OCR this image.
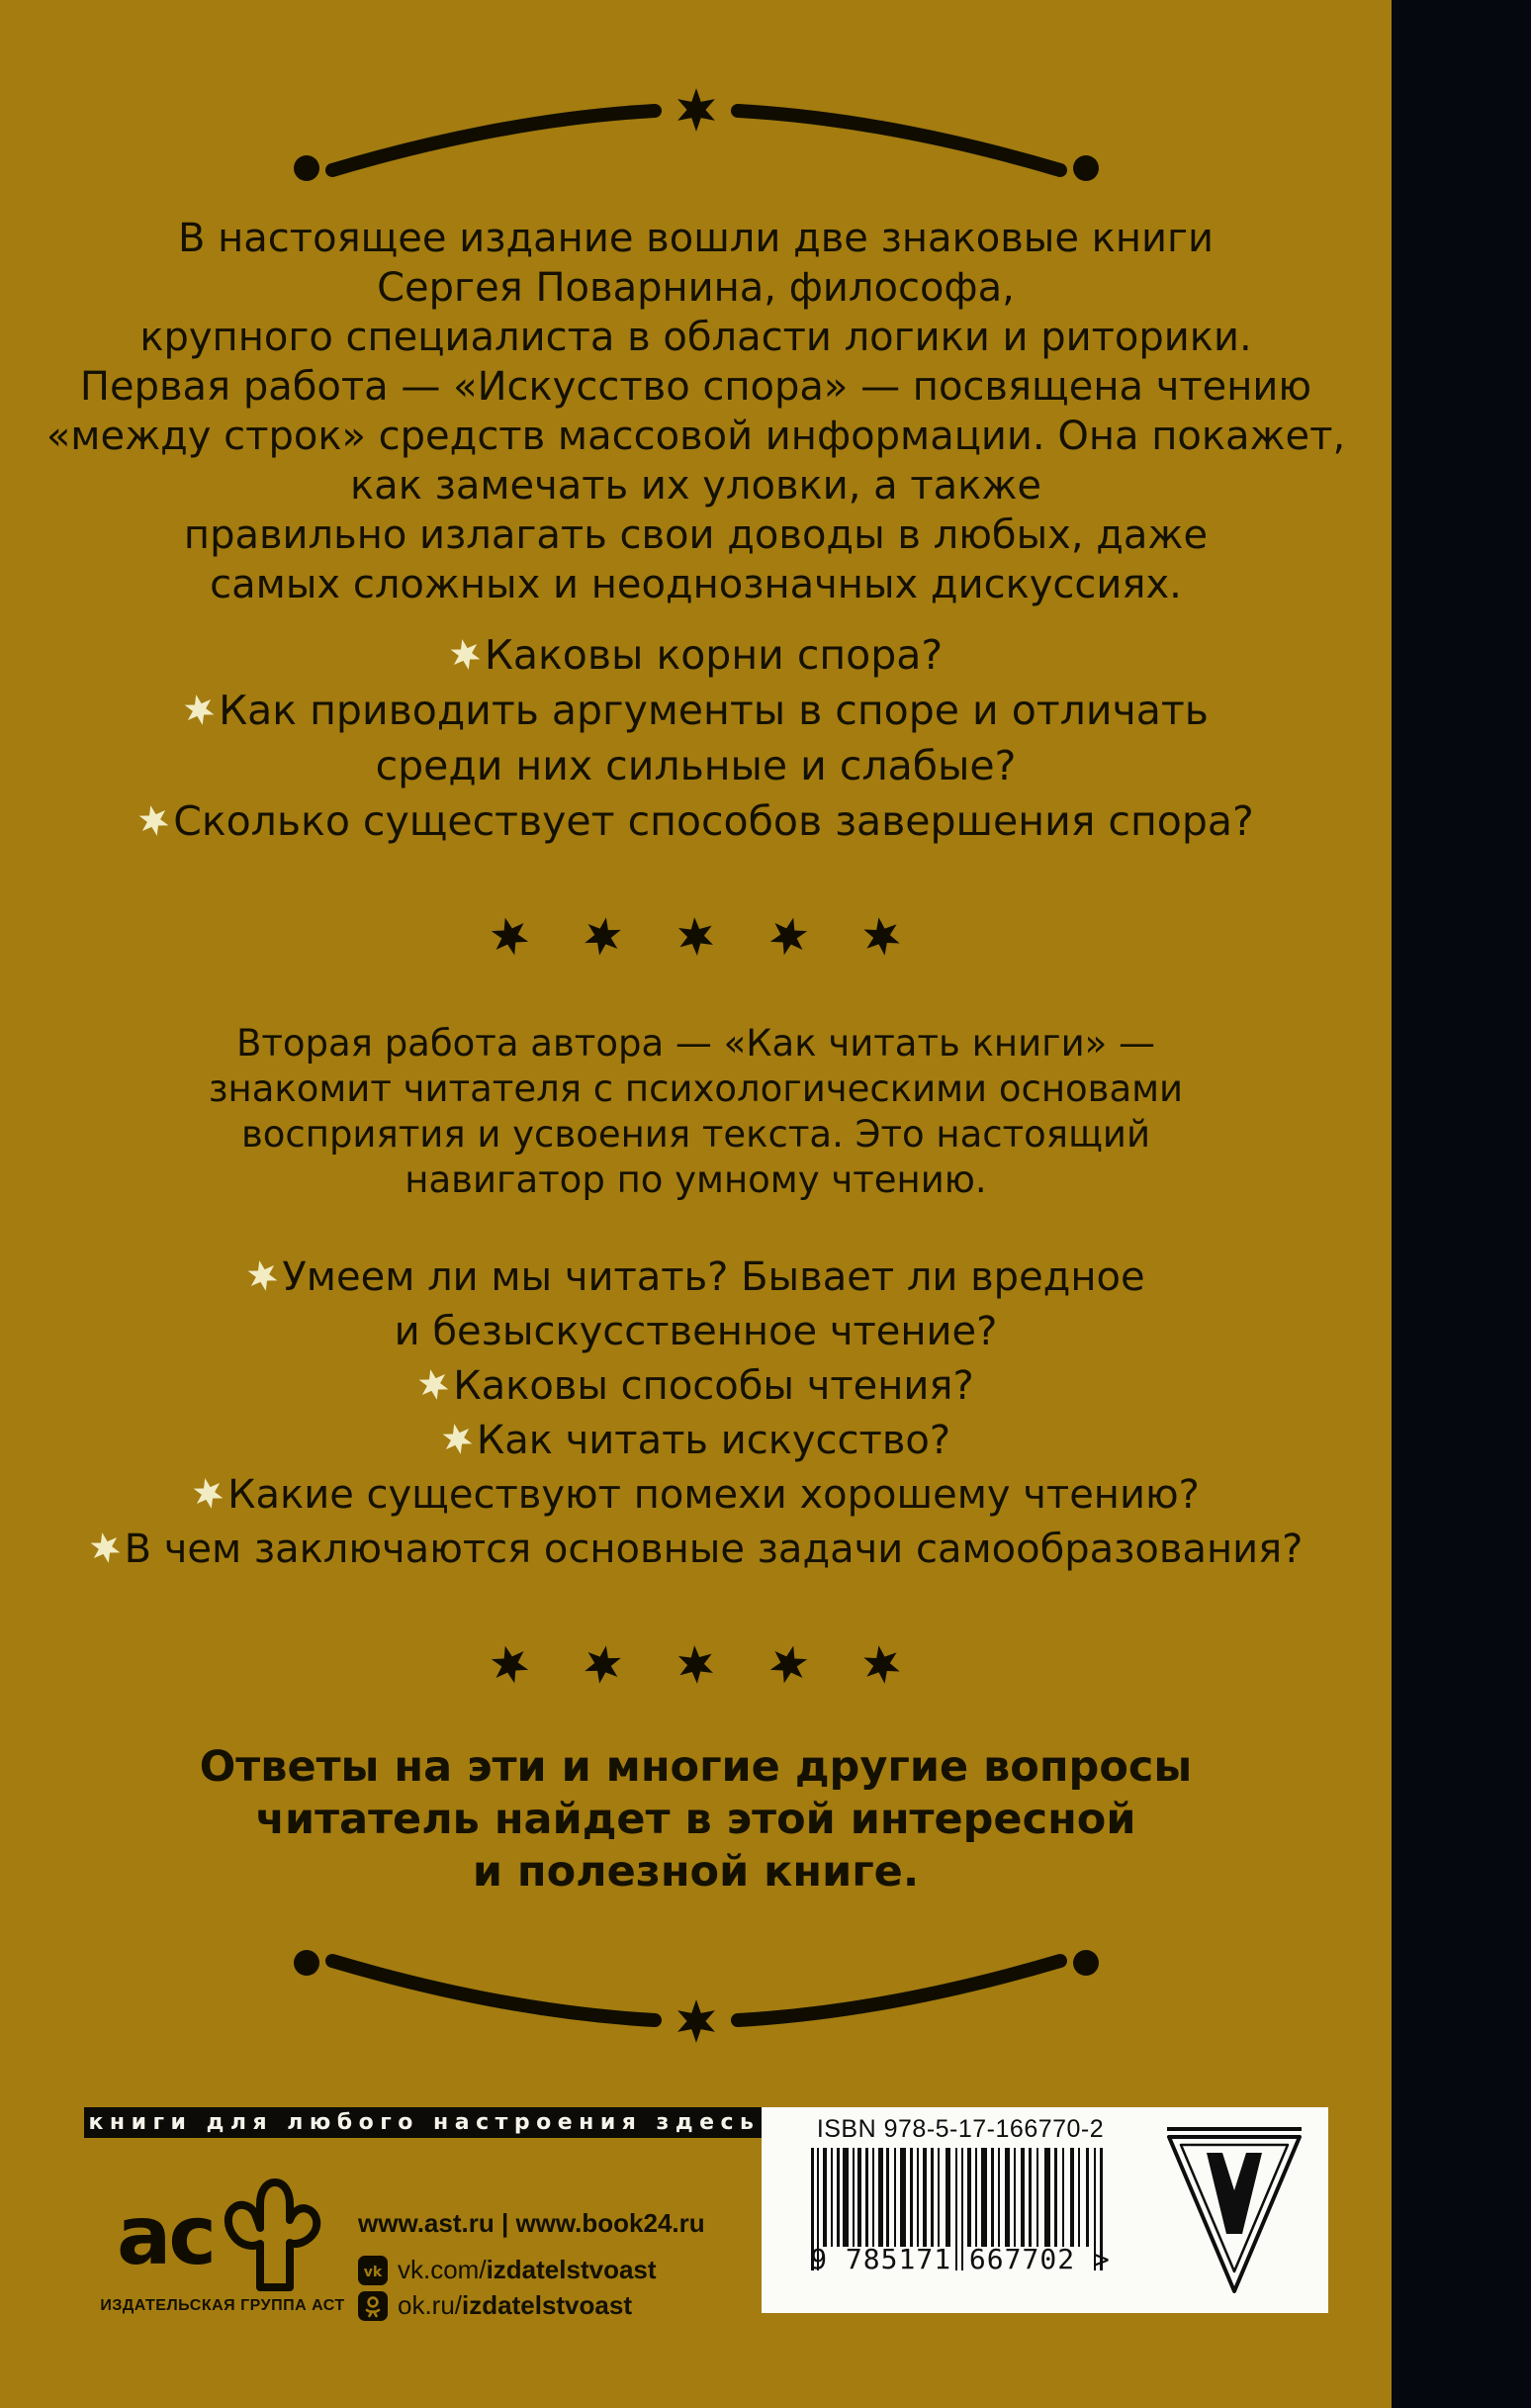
В настоящее издание вошли две знаковые книги
Сергея Поварнина, философа,
крупного специалиста в области логики и риторики.
Первая работа — «Искусство спора» — посвящена чтению
«между строк» средств массовой информации. Она покажет,
как замечать их уловки, а также
правильно излагать свои доводы в любых, даже
самых сложных и неоднозначных дискуссиях.
Каковы корни спора?
Как приводить аргументы в споре и отличать
среди них сильные и слабые?
Сколько существует способов завершения спора?

Вторая работа автора — «Как читать книги» —
знакомит читателя с психологическими основами
восприятия и усвоения текста. Это настоящий
навигатор по умному чтению.
Умеем ли мы читать? Бывает ли вредное
и безыскусственное чтение?
Каковы способы чтения?
Как читать искусство?
Какие существуют помехи хорошему чтению?
В чем заключаются основные задачи самообразования?

Ответы на эти и многие другие вопросы
читатель найдет в этой интересной
и полезной книге.
книги для любого настроения здесь
ас
ИЗДАТЕЛЬСКАЯ ГРУППА АСТ
www.ast.ru | www.book24.ru
vk vk.com/izdatelstvoast
ok.ru/izdatelstvoast
ISBN 978-5-17-166770-2
9 785171 667702 >
